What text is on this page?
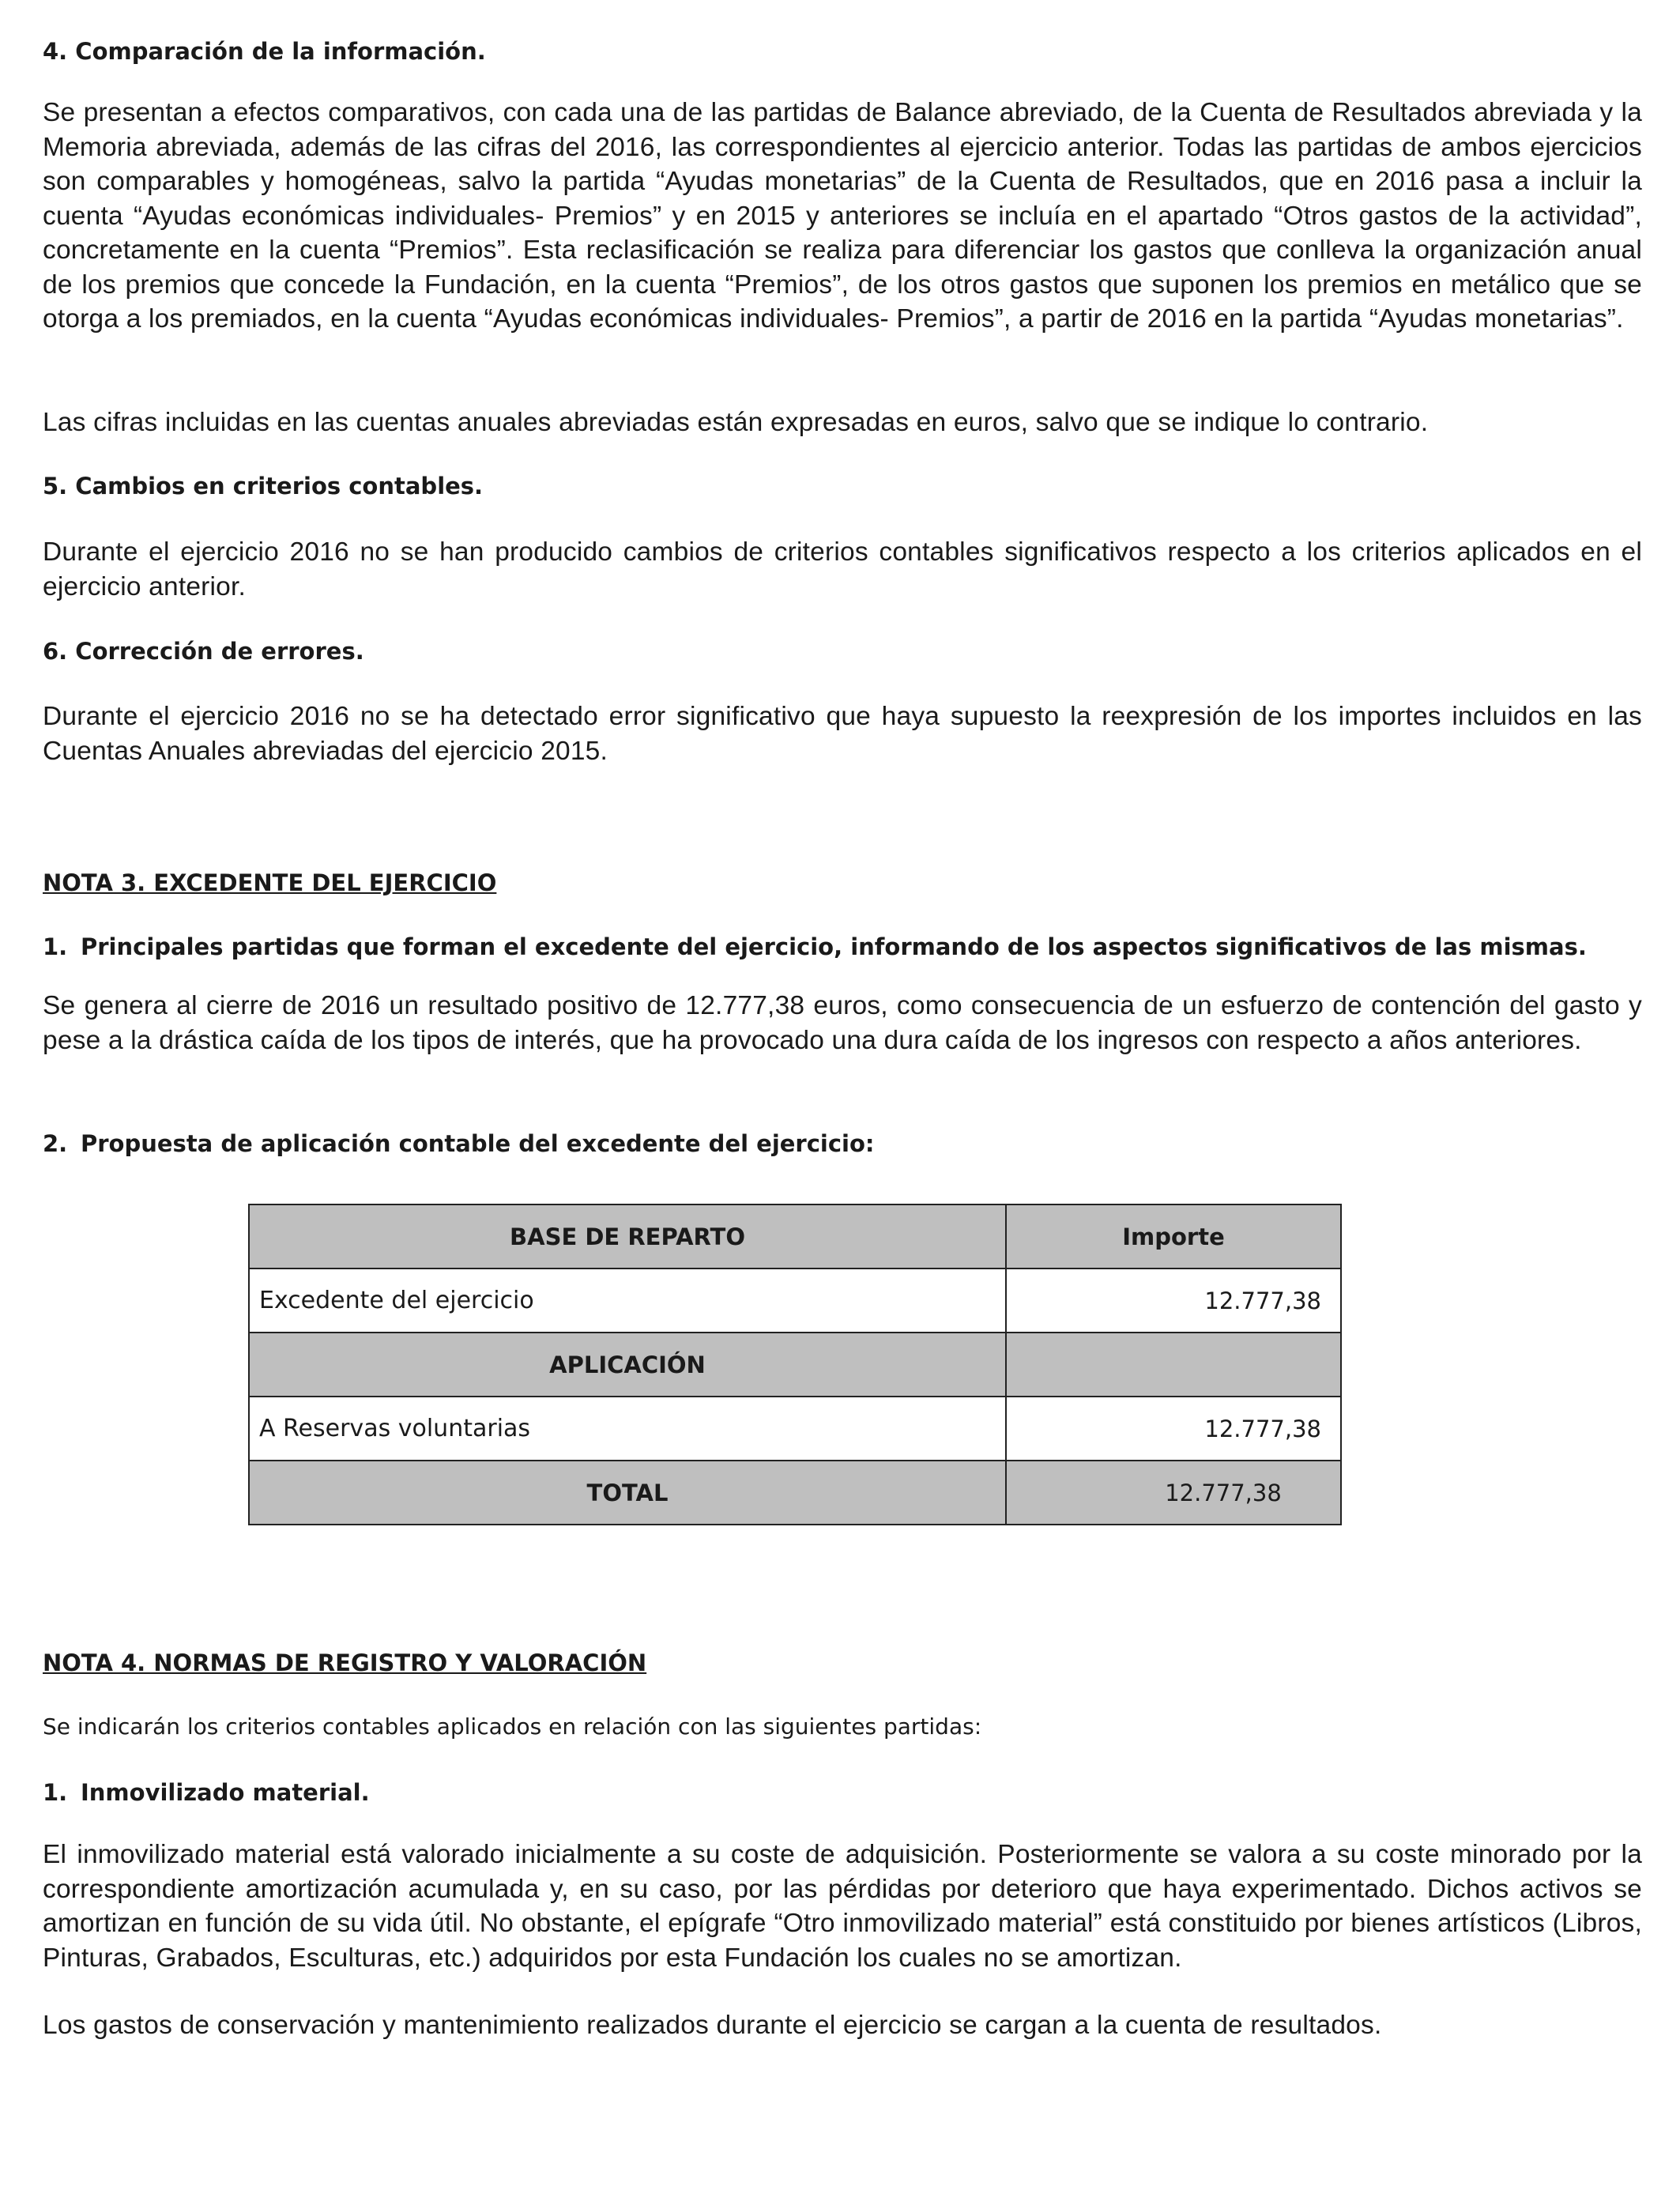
4. Comparación de la información.

Se presentan a efectos comparativos, con cada una de las partidas de Balance abreviado, de la Cuenta de Resultados abreviada y la Memoria abreviada, además de las cifras del 2016, las correspondientes al ejercicio anterior. Todas las partidas de ambos ejercicios son comparables y homogéneas, salvo la partida “Ayudas monetarias” de la Cuenta de Resultados, que en 2016 pasa a incluir la cuenta “Ayudas económicas individuales- Premios” y en 2015 y anteriores se incluía en el apartado “Otros gastos de la actividad”, concretamente en la cuenta “Premios”. Esta reclasificación se realiza para diferenciar los gastos que conlleva la organización anual de los premios que concede la Fundación, en la cuenta “Premios”, de los otros gastos que suponen los premios en metálico que se otorga a los premiados, en la cuenta “Ayudas económicas individuales- Premios”, a partir de 2016 en la partida “Ayudas monetarias”.

Las cifras incluidas en las cuentas anuales abreviadas están expresadas en euros, salvo que se indique lo contrario.

5. Cambios en criterios contables.

Durante el ejercicio 2016 no se han producido cambios de criterios contables significativos respecto a los criterios aplicados en el ejercicio anterior.

6. Corrección de errores.

Durante el ejercicio 2016 no se ha detectado error significativo que haya supuesto la reexpresión de los importes incluidos en las Cuentas Anuales abreviadas del ejercicio 2015.

NOTA 3. EXCEDENTE DEL EJERCICIO

1. Principales partidas que forman el excedente del ejercicio, informando de los aspectos significativos de las mismas.

Se genera al cierre de 2016 un resultado positivo de 12.777,38 euros, como consecuencia de un esfuerzo de contención del gasto y pese a la drástica caída de los tipos de interés, que ha provocado una dura caída de los ingresos con respecto a años anteriores.

2. Propuesta de aplicación contable del excedente del ejercicio:

NOTA 4. NORMAS DE REGISTRO Y VALORACIÓN

Se indicarán los criterios contables aplicados en relación con las siguientes partidas:

1. Inmovilizado material.

El inmovilizado material está valorado inicialmente a su coste de adquisición. Posteriormente se valora a su coste minorado por la correspondiente amortización acumulada y, en su caso, por las pérdidas por deterioro que haya experimentado. Dichos activos se amortizan en función de su vida útil. No obstante, el epígrafe “Otro inmovilizado material” está constituido por bienes artísticos (Libros, Pinturas, Grabados, Esculturas, etc.) adquiridos por esta Fundación los cuales no se amortizan.

Los gastos de conservación y mantenimiento realizados durante el ejercicio se cargan a la cuenta de resultados.

BASE DE REPARTO	Importe
Excedente del ejercicio	12.777,38
APLICACIÓN	
A Reservas voluntarias	12.777,38
TOTAL	12.777,38
